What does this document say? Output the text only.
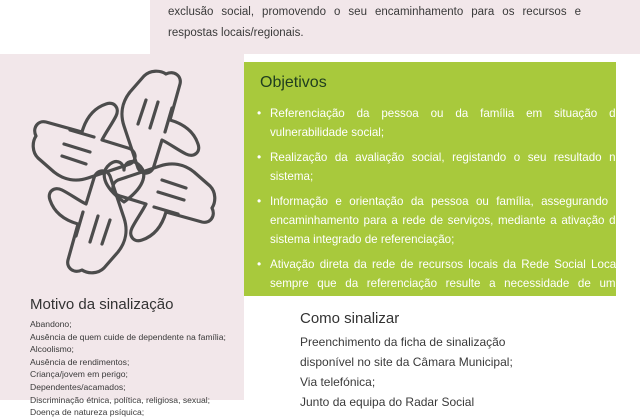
exclusão social, promovendo o seu encaminhamento para os recursos e respostas locais/regionais.
Objetivos
• Referenciação da pessoa ou da família em situação de vulnerabilidade social;
• Realização da avaliação social, registando o seu resultado no sistema;
• Informação e orientação da pessoa ou família, assegurando o encaminhamento para a rede de serviços, mediante a ativação do sistema integrado de referenciação;
• Ativação direta da rede de recursos locais da Rede Social Local, sempre que da referenciação resulte a necessidade de uma intervenção social
Motivo da sinalização
Abandono;
Ausência de quem cuide de dependente na família;
Alcoolismo;
Ausência de rendimentos;
Criança/jovem em perigo;
Dependentes/acamados;
Discriminação étnica, política, religiosa, sexual;
Doença de natureza psíquica;
Como sinalizar
Preenchimento da ficha de sinalização
disponível no site da Câmara Municipal;
Via telefónica;
Junto da equipa do Radar Social
